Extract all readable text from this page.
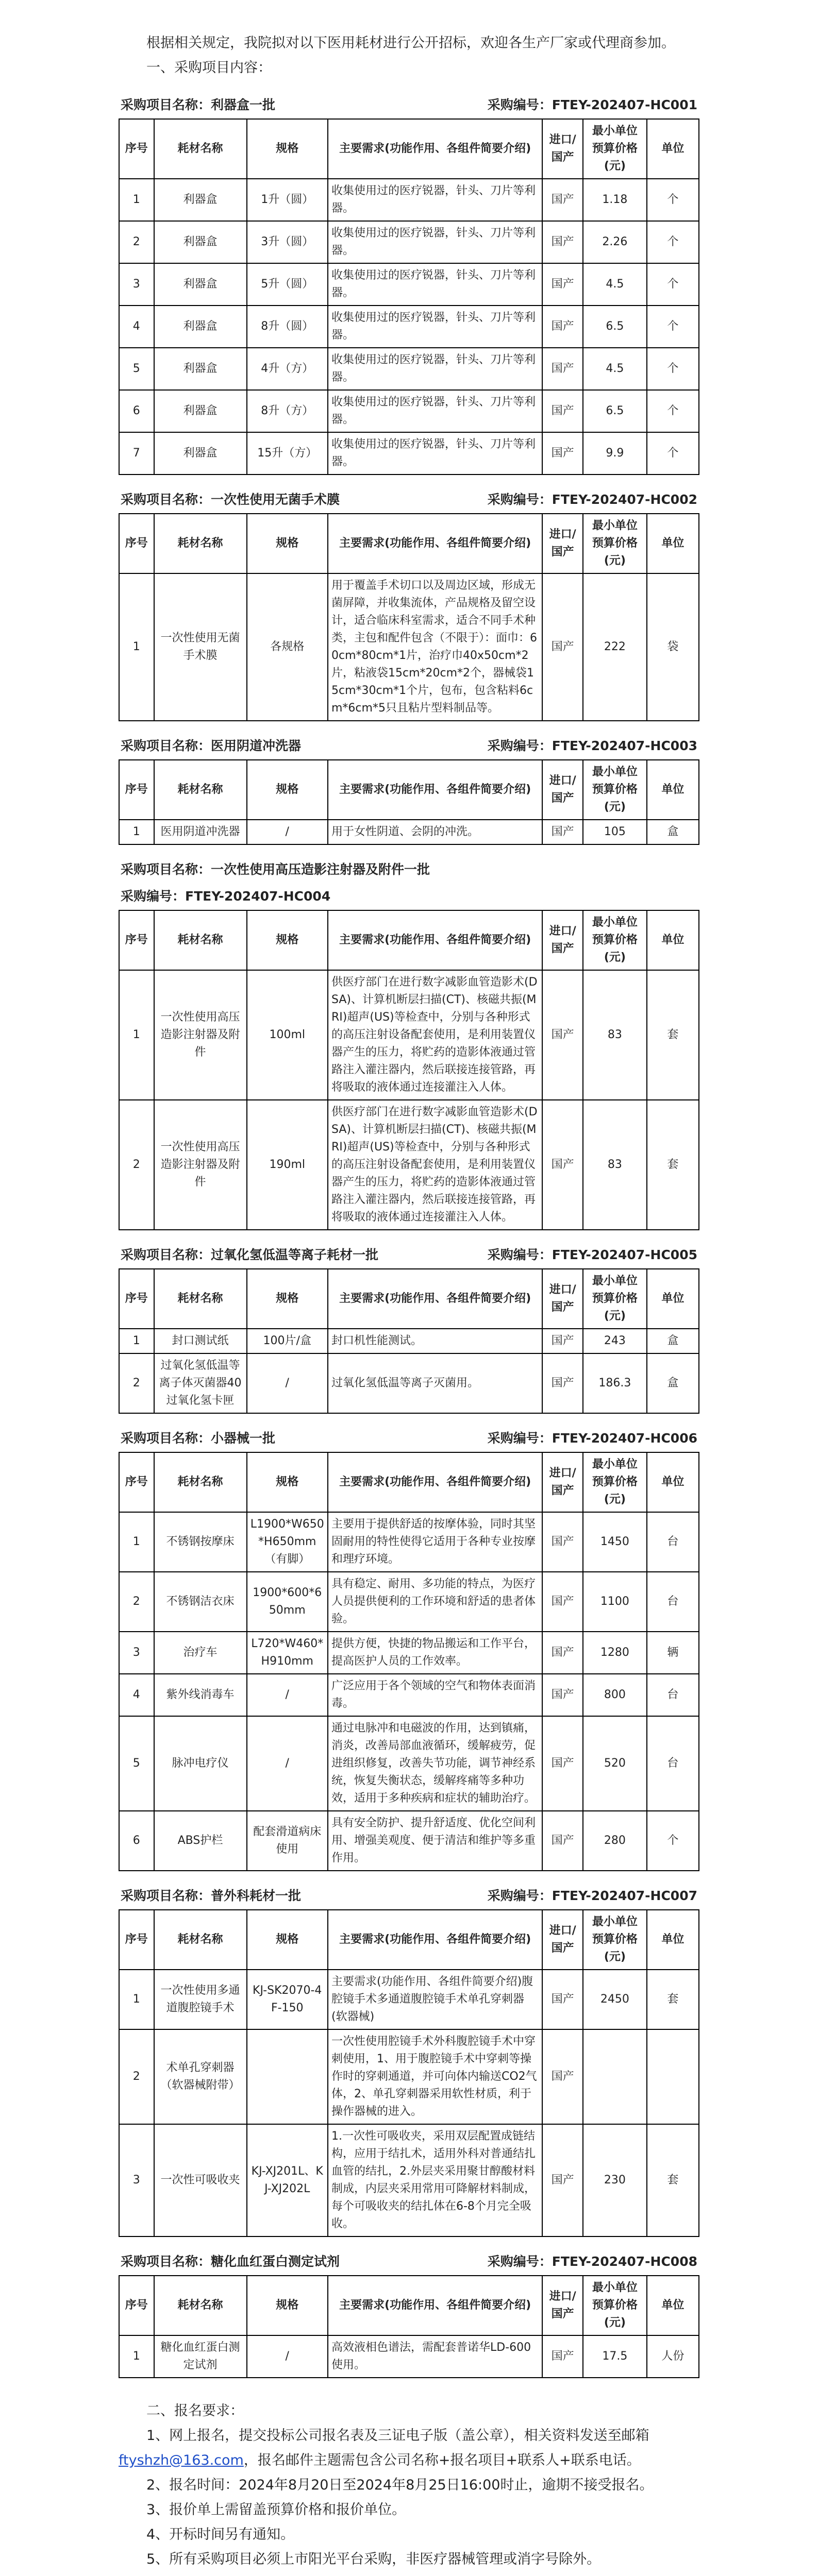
根据相关规定，我院拟对以下医用耗材进行公开招标，欢迎各生产厂家或代理商参加。

一、采购项目内容：

采购项目名称：利器盒一批	采购编号：FTEY-202407-HC001
序号	耗材名称	规格	主要需求(功能作用、各组件简要介绍)	进口/国产	最小单位预算价格(元)	单位
1	利器盒	1升（圆）	收集使用过的医疗锐器，针头、刀片等利器。	国产	1.18	个
2	利器盒	3升（圆）	收集使用过的医疗锐器，针头、刀片等利器。	国产	2.26	个
3	利器盒	5升（圆）	收集使用过的医疗锐器，针头、刀片等利器。	国产	4.5	个
4	利器盒	8升（圆）	收集使用过的医疗锐器，针头、刀片等利器。	国产	6.5	个
5	利器盒	4升（方）	收集使用过的医疗锐器，针头、刀片等利器。	国产	4.5	个
6	利器盒	8升（方）	收集使用过的医疗锐器，针头、刀片等利器。	国产	6.5	个
7	利器盒	15升（方）	收集使用过的医疗锐器，针头、刀片等利器。	国产	9.9	个
采购项目名称：一次性使用无菌手术膜	采购编号：FTEY-202407-HC002
序号	耗材名称	规格	主要需求(功能作用、各组件简要介绍)	进口/国产	最小单位预算价格(元)	单位
1	一次性使用无菌手术膜	各规格	用于覆盖手术切口以及周边区域，形成无菌屏障，并收集流体，产品规格及留空设计，适合临床科室需求，适合不同手术种类，主包和配件包含（不限于）：面巾：60cm*80cm*1片，治疗巾40x50cm*2片，粘液袋15cm*20cm*2个，器械袋15cm*30cm*1个片，包布，包含粘料6cm*6cm*5只且粘片型料制品等。	国产	222	袋
采购项目名称：医用阴道冲洗器	采购编号：FTEY-202407-HC003
序号	耗材名称	规格	主要需求(功能作用、各组件简要介绍)	进口/国产	最小单位预算价格(元)	单位
1	医用阴道冲洗器	/	用于女性阴道、会阴的冲洗。	国产	105	盒
采购项目名称：一次性使用高压造影注射器及附件一批
采购编号：FTEY-202407-HC004
序号	耗材名称	规格	主要需求(功能作用、各组件简要介绍)	进口/国产	最小单位预算价格(元)	单位
1	一次性使用高压造影注射器及附件	100ml	供医疗部门在进行数字减影血管造影术(DSA)、计算机断层扫描(CT)、核磁共振(MRI)超声(US)等检查中，分别与各种形式的高压注射设备配套使用，是利用装置仪器产生的压力，将贮药的造影体液通过管路注入灌注器内，然后联接连接管路，再将吸取的液体通过连接灌注入人体。	国产	83	套
2	一次性使用高压造影注射器及附件	190ml	供医疗部门在进行数字减影血管造影术(DSA)、计算机断层扫描(CT)、核磁共振(MRI)超声(US)等检查中，分别与各种形式的高压注射设备配套使用，是利用装置仪器产生的压力，将贮药的造影体液通过管路注入灌注器内，然后联接连接管路，再将吸取的液体通过连接灌注入人体。	国产	83	套
采购项目名称：过氧化氢低温等离子耗材一批	采购编号：FTEY-202407-HC005
序号	耗材名称	规格	主要需求(功能作用、各组件简要介绍)	进口/国产	最小单位预算价格(元)	单位
1	封口测试纸	100片/盒	封口机性能测试。	国产	243	盒
2	过氧化氢低温等离子体灭菌器40过氧化氢卡匣	/	过氧化氢低温等离子灭菌用。	国产	186.3	盒
采购项目名称：小器械一批	采购编号：FTEY-202407-HC006
序号	耗材名称	规格	主要需求(功能作用、各组件简要介绍)	进口/国产	最小单位预算价格(元)	单位
1	不锈钢按摩床	L1900*W650*H650mm（有脚）	主要用于提供舒适的按摩体验，同时其坚固耐用的特性使得它适用于各种专业按摩和理疗环境。	国产	1450	台
2	不锈钢洁衣床	1900*600*650mm	具有稳定、耐用、多功能的特点，为医疗人员提供便利的工作环境和舒适的患者体验。	国产	1100	台
3	治疗车	L720*W460*H910mm	提供方便，快捷的物品搬运和工作平台，提高医护人员的工作效率。	国产	1280	辆
4	紫外线消毒车	/	广泛应用于各个领域的空气和物体表面消毒。	国产	800	台
5	脉冲电疗仪	/	通过电脉冲和电磁波的作用，达到镇痛，消炎，改善局部血液循环，缓解疲劳，促进组织修复，改善失节功能，调节神经系统，恢复失衡状态，缓解疼痛等多种功效，适用于多种疾病和症状的辅助治疗。	国产	520	台
6	ABS护栏	配套滑道病床使用	具有安全防护、提升舒适度、优化空间利用、增强美观度、便于清洁和维护等多重作用。	国产	280	个
采购项目名称：普外科耗材一批	采购编号：FTEY-202407-HC007
序号	耗材名称	规格	主要需求(功能作用、各组件简要介绍)	进口/国产	最小单位预算价格(元)	单位
1	一次性使用多通道腹腔镜手术	KJ-SK2070-4F-150	主要需求(功能作用、各组件简要介绍)腹腔镜手术多通道腹腔镜手术单孔穿刺器(软器械)	国产	2450	套
2	术单孔穿刺器（软器械附带）		一次性使用腔镜手术外科腹腔镜手术中穿刺使用，1、用于腹腔镜手术中穿刺等操作时的穿刺通道，并可向体内输送CO2气体，2、单孔穿刺器采用软性材质，利于操作器械的进入。	国产		
3	一次性可吸收夹	KJ-XJ201L、KJ-XJ202L	1.一次性可吸收夹，采用双层配置成链结构，应用于结扎术，适用外科对普通结扎血管的结扎，2.外层夹采用聚甘醇酸材料制成，内层夹采用常用可降解材料制成，每个可吸收夹的结扎体在6-8个月完全吸收。	国产	230	套
采购项目名称：糖化血红蛋白测定试剂	采购编号：FTEY-202407-HC008
序号	耗材名称	规格	主要需求(功能作用、各组件简要介绍)	进口/国产	最小单位预算价格(元)	单位
1	糖化血红蛋白测定试剂	/	高效液相色谱法，需配套普诺华LD-600使用。	国产	17.5	人份

二、报名要求：

1、网上报名，提交投标公司报名表及三证电子版（盖公章），相关资料发送至邮箱ftyshzh@163.com，报名邮件主题需包含公司名称+报名项目+联系人+联系电话。

2、报名时间：2024年8月20日至2024年8月25日16:00时止，逾期不接受报名。

3、报价单上需留盖预算价格和报价单位。

4、开标时间另有通知。

5、所有采购项目必须上市阳光平台采购，非医疗器械管理或消字号除外。
